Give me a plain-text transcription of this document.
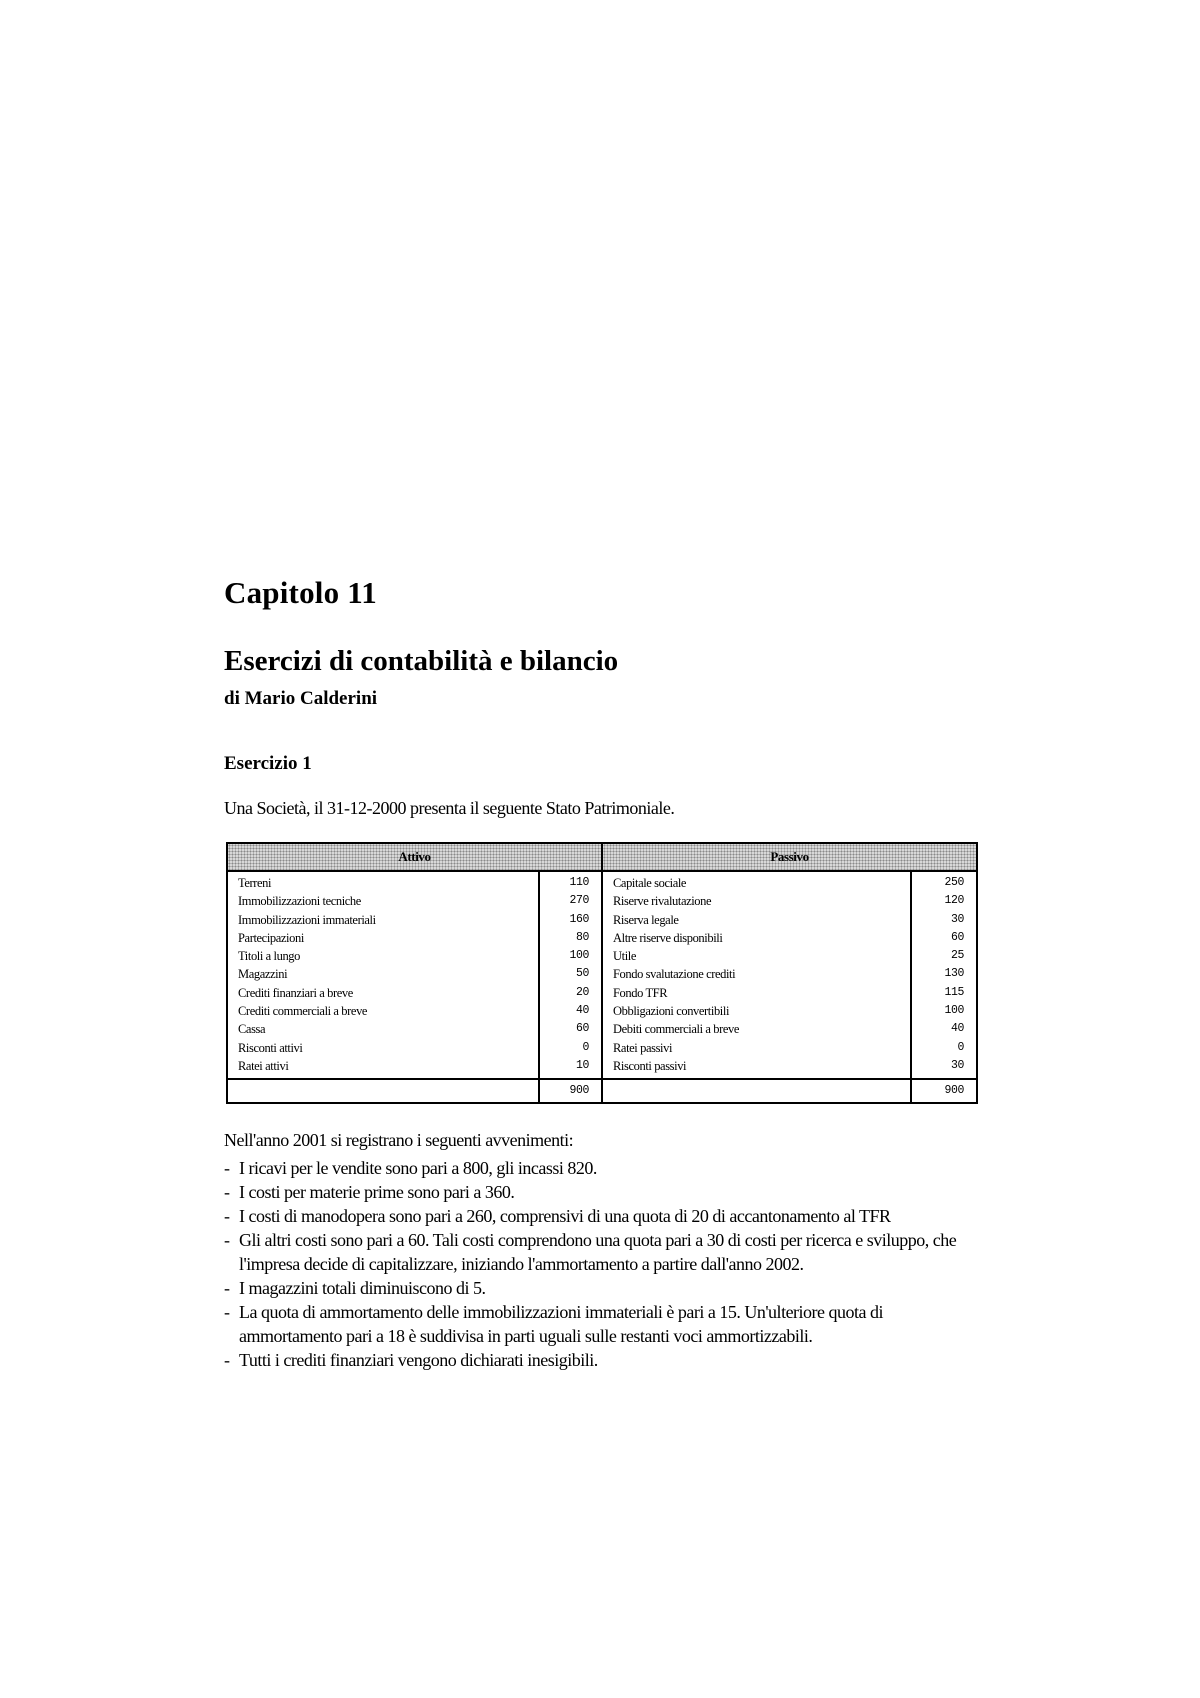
Capitolo 11
Esercizi di contabilità e bilancio
di Mario Calderini
Esercizio 1
Una Società, il 31-12-2000 presenta il seguente Stato Patrimoniale.
Attivo
Terreni	110
Immobilizzazioni tecniche	270
Immobilizzazioni immateriali	160
Partecipazioni	80
Titoli a lungo	100
Magazzini	50
Crediti finanziari a breve	20
Crediti commerciali a breve	40
Cassa	60
Risconti attivi	0
Ratei attivi	10
900
Passivo
Capitale sociale	250
Riserve rivalutazione	120
Riserva legale	30
Altre riserve disponibili	60
Utile	25
Fondo svalutazione crediti	130
Fondo TFR	115
Obbligazioni convertibili	100
Debiti commerciali a breve	40
Ratei passivi	0
Risconti passivi	30
900
Nell'anno 2001 si registrano i seguenti avvenimenti:
- I ricavi per le vendite sono pari a 800, gli incassi 820.
- I costi per materie prime sono pari a 360.
- I costi di manodopera sono pari a 260, comprensivi di una quota di 20 di accantonamento al TFR
- Gli altri costi sono pari a 60. Tali costi comprendono una quota pari a 30 di costi per ricerca e sviluppo, che l'impresa decide di capitalizzare, iniziando l'ammortamento a partire dall'anno 2002.
- I magazzini totali diminuiscono di 5.
- La quota di ammortamento delle immobilizzazioni immateriali è pari a 15. Un'ulteriore quota di ammortamento pari a 18 è suddivisa in parti uguali sulle restanti voci ammortizzabili.
- Tutti i crediti finanziari vengono dichiarati inesigibili.
